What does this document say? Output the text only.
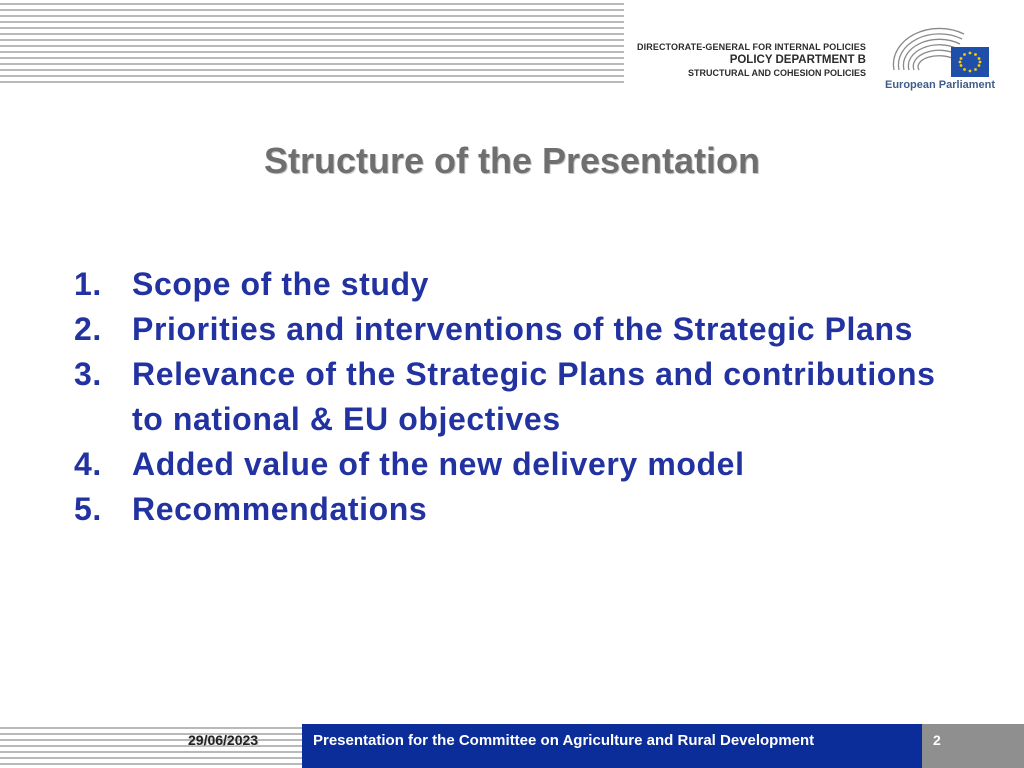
DIRECTORATE-GENERAL FOR INTERNAL POLICIES
POLICY DEPARTMENT B
STRUCTURAL AND COHESION POLICIES
European Parliament
Structure of the Presentation
1. Scope of the study
2. Priorities and interventions of the Strategic Plans
3. Relevance of the Strategic Plans and contributions to national & EU objectives
4. Added value of the new delivery model
5. Recommendations
29/06/2023	Presentation for the Committee on Agriculture and Rural Development	2
